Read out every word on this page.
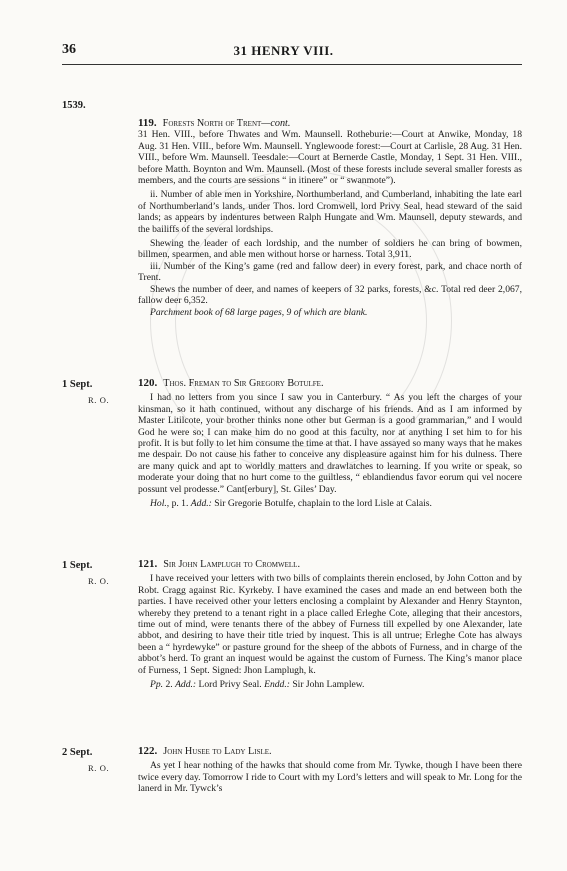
36	31 HENRY VIII.
1539.
1 Sept.
R. O.
1 Sept.
R. O.
2 Sept.
R. O.

119. Forests North of Trent—cont.

31 Hen. VIII., before Thwates and Wm. Maunsell. Rotheburie:—Court at Anwike, Monday, 18 Aug. 31 Hen. VIII., before Wm. Maunsell. Ynglewoode forest:—Court at Carlisle, 28 Aug. 31 Hen. VIII., before Wm. Maunsell. Teesdale:—Court at Bernerde Castle, Monday, 1 Sept. 31 Hen. VIII., before Matth. Boynton and Wm. Maunsell. (Most of these forests include several smaller forests as members, and the courts are sessions “ in itinere” or “ swanmote”).

ii. Number of able men in Yorkshire, Northumberland, and Cumberland, inhabiting the late earl of Northumberland’s lands, under Thos. lord Cromwell, lord Privy Seal, head steward of the said lands; as appears by indentures between Ralph Hungate and Wm. Maunsell, deputy stewards, and the bailiffs of the several lordships.

Shewing the leader of each lordship, and the number of soldiers he can bring of bowmen, billmen, spearmen, and able men without horse or harness. Total 3,911.

iii. Number of the King’s game (red and fallow deer) in every forest, park, and chace north of Trent.

Shews the number of deer, and names of keepers of 32 parks, forests, &c. Total red deer 2,067, fallow deer 6,352.

Parchment book of 68 large pages, 9 of which are blank.

120. Thos. Freman to Sir Gregory Botulfe.

I had no letters from you since I saw you in Canterbury. “ As you left the charges of your kinsman, so it hath continued, without any discharge of his friends. And as I am informed by Master Litilcote, your brother thinks none other but German is a good grammarian,” and I would God he were so; I can make him do no good at this faculty, nor at anything I set him to for his profit. It is but folly to let him consume the time at that. I have assayed so many ways that he makes me despair. Do not cause his father to conceive any displeasure against him for his dulness. There are many quick and apt to worldly matters and drawlatches to learning. If you write or speak, so moderate your doing that no hurt come to the guiltless, “ eblandiendus favor eorum qui vel nocere possunt vel prodesse.” Cant[erbury], St. Giles’ Day.

Hol., p. 1. Add.: Sir Gregorie Botulfe, chaplain to the lord Lisle at Calais.

121. Sir John Lamplugh to Cromwell.

I have received your letters with two bills of complaints therein enclosed, by John Cotton and by Robt. Cragg against Ric. Kyrkeby. I have examined the cases and made an end between both the parties. I have received other your letters enclosing a complaint by Alexander and Henry Staynton, whereby they pretend to a tenant right in a place called Erleghe Cote, alleging that their ancestors, time out of mind, were tenants there of the abbey of Furness till expelled by one Alexander, late abbot, and desiring to have their title tried by inquest. This is all untrue; Erleghe Cote has always been a “ hyrdewyke” or pasture ground for the sheep of the abbots of Furness, and in charge of the abbot’s herd. To grant an inquest would be against the custom of Furness. The King’s manor place of Furness, 1 Sept. Signed: Jhon Lamplugh, k.

Pp. 2. Add.: Lord Privy Seal. Endd.: Sir John Lamplew.

122. John Husee to Lady Lisle.

As yet I hear nothing of the hawks that should come from Mr. Tywke, though I have been there twice every day. Tomorrow I ride to Court with my Lord’s letters and will speak to Mr. Long for the lanerd in Mr. Tywck’s
